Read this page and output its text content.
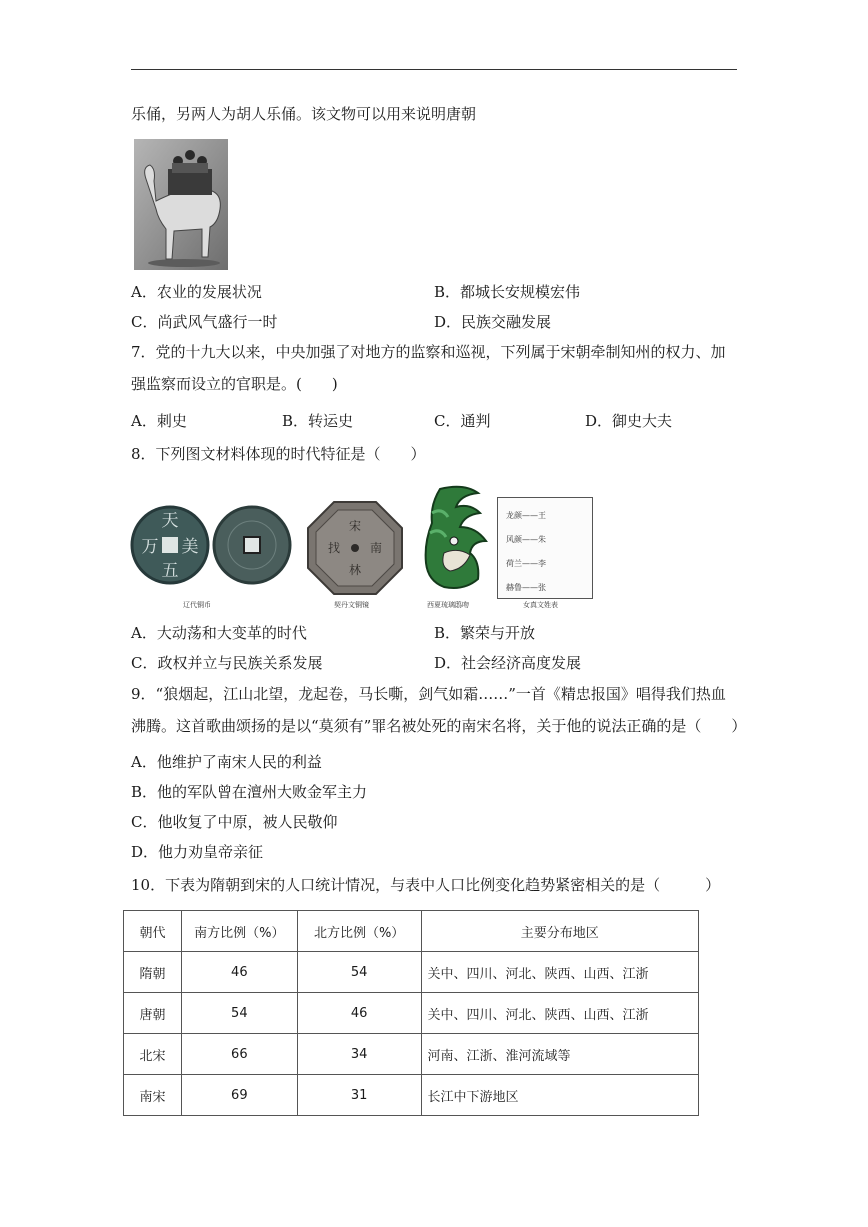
乐俑，另两人为胡人乐俑。该文物可以用来说明唐朝
A．农业的发展状况	B．都城长安规模宏伟
C．尚武风气盛行一时	D．民族交融发展
7．党的十九大以来，中央加强了对地方的监察和巡视，下列属于宋朝牵制知州的权力、加
强监察而设立的官职是。(　　)
A．刺史	B．转运史	C．通判	D．御史大夫
8．下列图文材料体现的时代特征是（　　）
天
美
万
五
辽代铜币
宋
南
找
林
契丹文铜镜	西夏琉璃鸱吻
龙颜——王
风颜——朱
荷兰——李
赫鲁——张
女真文姓表
A．大动荡和大变革的时代	B．繁荣与开放
C．政权并立与民族关系发展	D．社会经济高度发展
9．“狼烟起，江山北望，龙起卷，马长嘶，剑气如霜……”一首《精忠报国》唱得我们热血
沸腾。这首歌曲颂扬的是以“莫须有”罪名被处死的南宋名将，关于他的说法正确的是（　　）
A．他维护了南宋人民的利益
B．他的军队曾在澶州大败金军主力
C．他收复了中原，被人民敬仰
D．他力劝皇帝亲征
10．下表为隋朝到宋的人口统计情况，与表中人口比例变化趋势紧密相关的是（　　　）
朝代	南方比例（%）	北方比例（%）	主要分布地区
隋朝	46	54	关中、四川、河北、陕西、山西、江浙
唐朝	54	46	关中、四川、河北、陕西、山西、江浙
北宋	66	34	河南、江浙、淮河流域等
南宋	69	31	长江中下游地区
